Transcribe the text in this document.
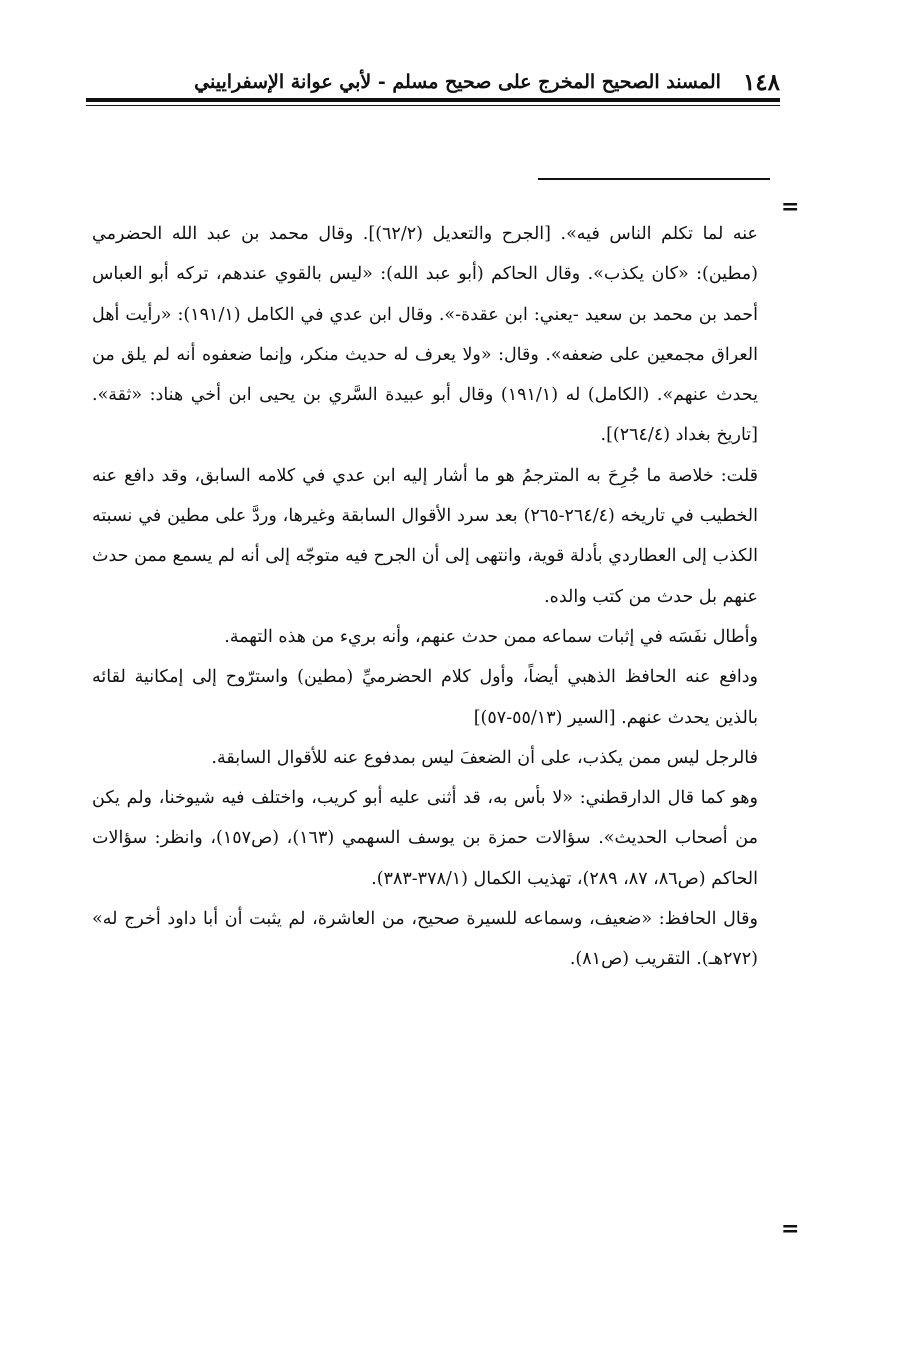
١٤٨
المسند الصحيح المخرج على صحيح مسلم - لأبي عوانة الإسفراييني
=

عنه لما تكلم الناس فيه». [الجرح والتعديل (٦٢/٢)]. وقال محمد بن عبد الله الحضرمي (مطين): «كان يكذب». وقال الحاكم (أبو عبد الله): «ليس بالقوي عندهم، تركه أبو العباس أحمد بن محمد بن سعيد -يعني: ابن عقدة-». وقال ابن عدي في الكامل (١٩١/١): «رأيت أهل العراق مجمعين على ضعفه». وقال: «ولا يعرف له حديث منكر، وإنما ضعفوه أنه لم يلق من يحدث عنهم». (الكامل) له (١٩١/١) وقال أبو عبيدة السَّري بن يحيى ابن أخي هناد: «ثقة». [تاريخ بغداد (٢٦٤/٤)].

قلت: خلاصة ما جُرِحَ به المترجمُ هو ما أشار إليه ابن عدي في كلامه السابق، وقد دافع عنه الخطيب في تاريخه (٢٦٤/٤-٢٦٥) بعد سرد الأقوال السابقة وغيرها، وردَّ على مطين في نسبته الكذب إلى العطاردي بأدلة قوية، وانتهى إلى أن الجرح فيه متوجّه إلى أنه لم يسمع ممن حدث عنهم بل حدث من كتب والده.

وأطال نفَسَه في إثبات سماعه ممن حدث عنهم، وأنه بريء من هذه التهمة.

ودافع عنه الحافظ الذهبي أيضاً، وأول كلام الحضرميِّ (مطين) واسترّوح إلى إمكانية لقائه بالذين يحدث عنهم. [السير (٥٥/١٣-٥٧)]

فالرجل ليس ممن يكذب، على أن الضعفَ ليس بمدفوع عنه للأقوال السابقة.

وهو كما قال الدارقطني: «لا بأس به، قد أثنى عليه أبو كريب، واختلف فيه شيوخنا، ولم يكن من أصحاب الحديث». سؤالات حمزة بن يوسف السهمي (١٦٣)، (ص١٥٧)، وانظر: سؤالات الحاكم (ص٨٦، ٨٧، ٢٨٩)، تهذيب الكمال (٣٧٨/١-٣٨٣).

وقال الحافظ: «ضعيف، وسماعه للسيرة صحيح، من العاشرة، لم يثبت أن أبا داود أخرج له» (٢٧٢هـ). التقريب (ص٨١).

=
